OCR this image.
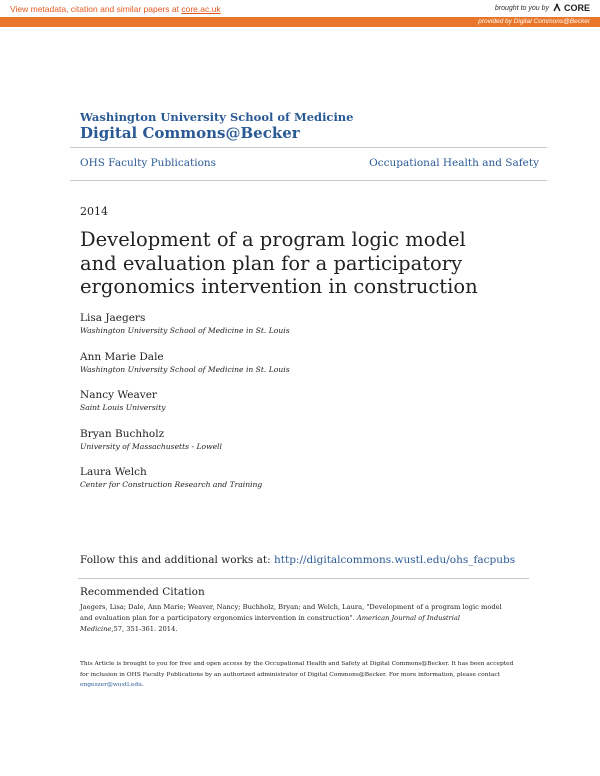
View metadata, citation and similar papers at core.ac.uk	brought to you by CORE
provided by Digital Commons@Becker
Washington University School of Medicine
Digital Commons@Becker
OHS Faculty Publications	Occupational Health and Safety
2014
Development of a program logic model and evaluation plan for a participatory ergonomics intervention in construction
Lisa Jaegers
Washington University School of Medicine in St. Louis
Ann Marie Dale
Washington University School of Medicine in St. Louis
Nancy Weaver
Saint Louis University
Bryan Buchholz
University of Massachusetts - Lowell
Laura Welch
Center for Construction Research and Training
Follow this and additional works at: http://digitalcommons.wustl.edu/ohs_facpubs
Recommended Citation
Jaegers, Lisa; Dale, Ann Marie; Weaver, Nancy; Buchholz, Bryan; and Welch, Laura, "Development of a program logic model and evaluation plan for a participatory ergonomics intervention in construction". American Journal of Industrial Medicine,57, 351-361. 2014.
This Article is brought to you for free and open access by the Occupational Health and Safety at Digital Commons@Becker. It has been accepted for inclusion in OHS Faculty Publications by an authorized administrator of Digital Commons@Becker. For more information, please contact engeszer@wustl.edu.
